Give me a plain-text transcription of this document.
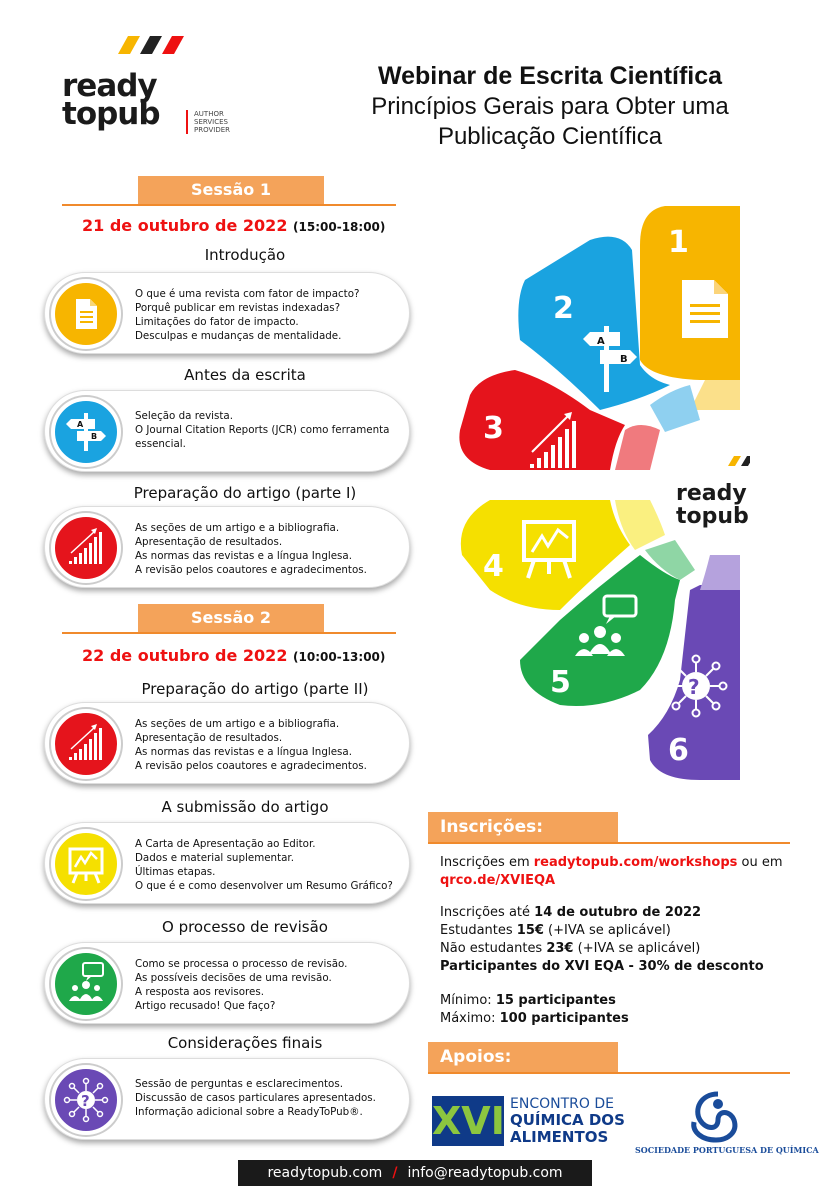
ready
topub	AUTHOR
SERVICES
PROVIDER
Webinar de Escrita Científica

Princípios Gerais para Obter uma

Publicação Científica

Sessão 1
21 de outubro de 2022 (15:00-18:00)
Introdução
O que é uma revista com fator de impacto?
Porquê publicar em revistas indexadas?
Limitações do fator de impacto.
Desculpas e mudanças de mentalidade.
Antes da escrita
A
B
Seleção da revista.
O Journal Citation Reports (JCR) como ferramenta
essencial.
Preparação do artigo (parte I)
As seções de um artigo e a bibliografia.
Apresentação de resultados.
As normas das revistas e a língua Inglesa.
A revisão pelos coautores e agradecimentos.
Sessão 2
22 de outubro de 2022 (10:00-13:00)
Preparação do artigo (parte II)
As seções de um artigo e a bibliografia.
Apresentação de resultados.
As normas das revistas e a língua Inglesa.
A revisão pelos coautores e agradecimentos.
A submissão do artigo
A Carta de Apresentação ao Editor.
Dados e material suplementar.
Últimas etapas.
O que é e como desenvolver um Resumo Gráfico?
O processo de revisão
Como se processa o processo de revisão.
As possíveis decisões de uma revisão.
A resposta aos revisores.
Artigo recusado! Que faço?
Considerações finais
?
Sessão de perguntas e esclarecimentos.
Discussão de casos particulares apresentados.
Informação adicional sobre a ReadyToPub®.
ready
topub
1
2
3
4
5
6
A
B
?
Inscrições:
Inscrições em readytopub.com/workshops ou em
qrco.de/XVIEQA
Inscrições até 14 de outubro de 2022
Estudantes 15€ (+IVA se aplicável)
Não estudantes 23€ (+IVA se aplicável)
Participantes do XVI EQA - 30% de desconto
Mínimo: 15 participantes
Máximo: 100 participantes
Apoios:
XVI ENCONTRO DE
QUÍMICA DOS
ALIMENTOS
SOCIEDADE PORTUGUESA DE QUÍMICA
readytopub.com / info@readytopub.com
